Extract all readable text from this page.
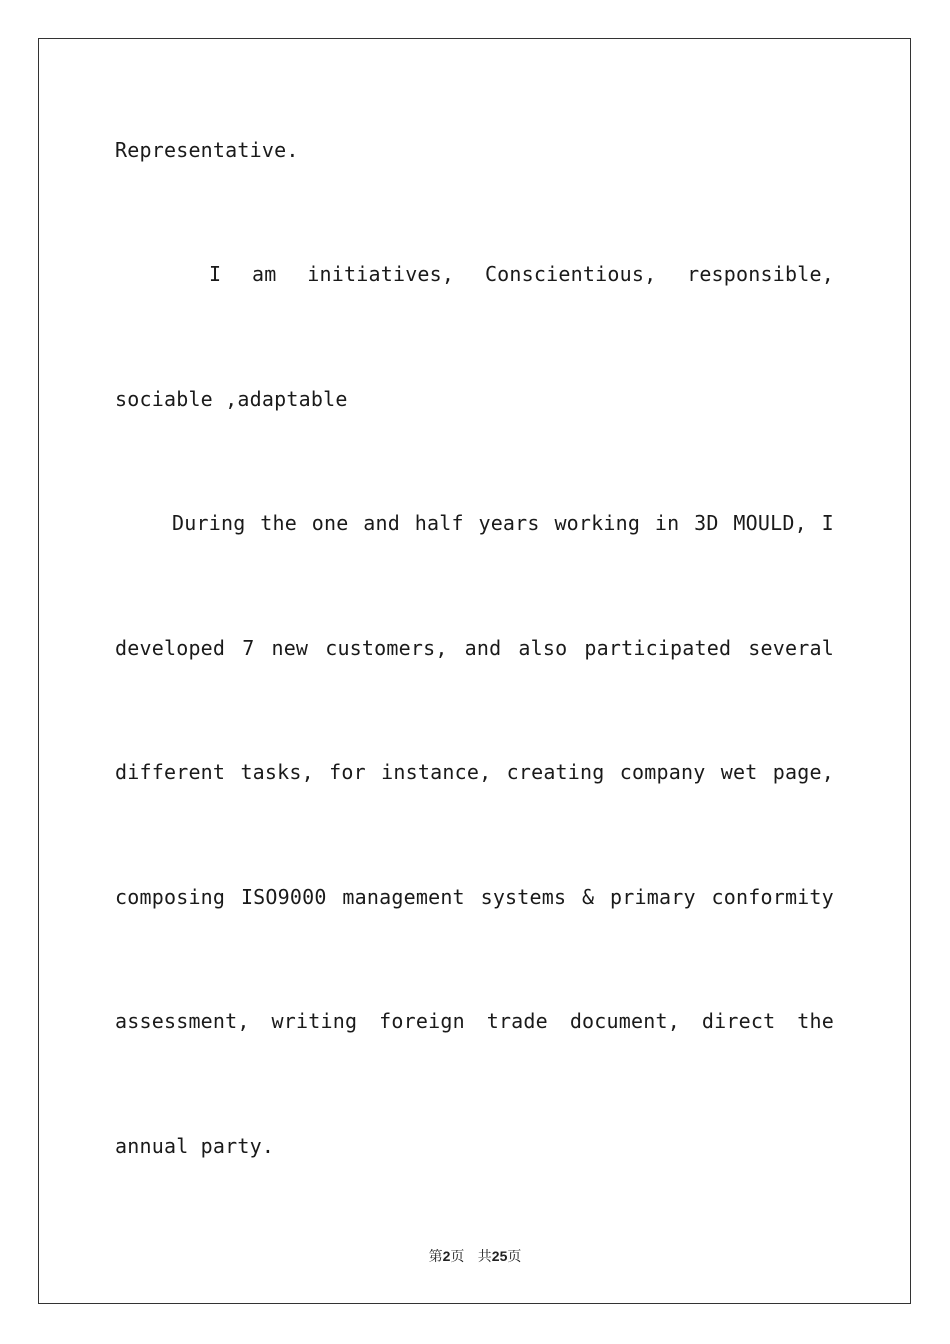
Representative.
I am initiatives, Conscientious, responsible,
sociable ,adaptable
During the one and half years working in 3D MOULD, I
developed 7 new customers, and also participated several
different tasks, for instance, creating company wet page,
composing ISO9000 management systems & primary conformity
assessment, writing foreign trade document, direct the
annual party.
第2页 共25页
